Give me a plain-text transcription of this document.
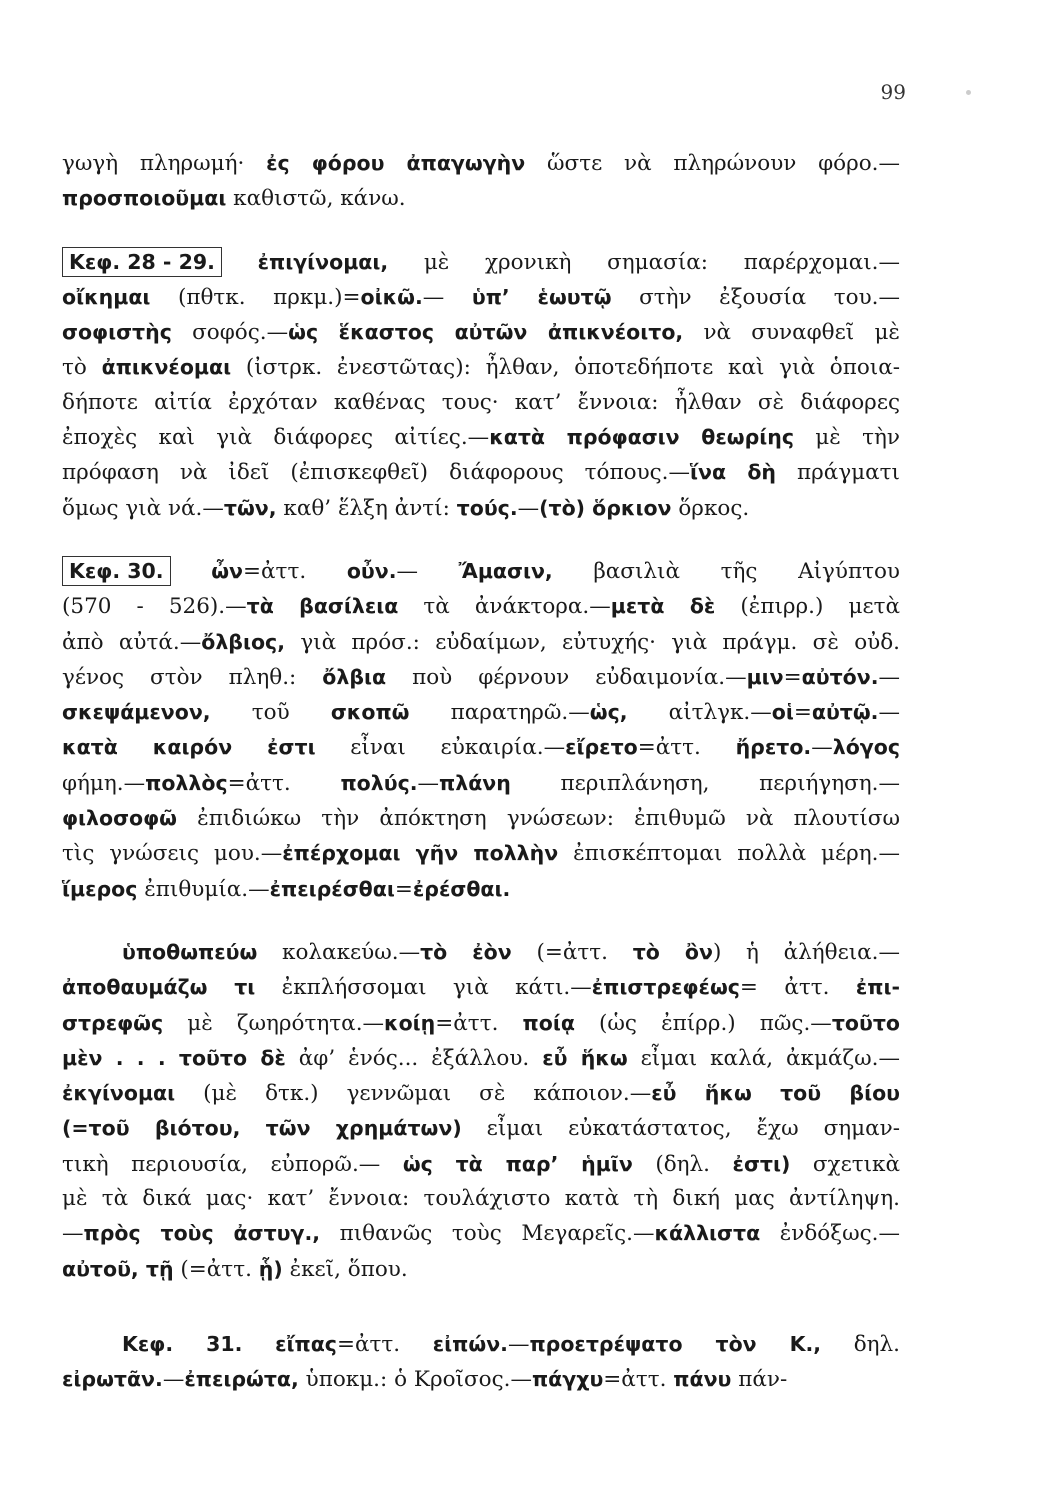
99
γωγὴ πληρωμή· ἐς φόρου ἀπαγωγὴν ὥστε νὰ πληρώνουν φόρο.—
προσποιοῦμαι καθιστῶ, κάνω.
Κεφ. 28 - 29. ἐπιγίνομαι, μὲ χρονικὴ σημασία: παρέρχομαι.—
οἴκημαι (πθτκ. πρκμ.)=οἰκῶ.— ὑπ’ ἑωυτῷ στὴν ἐξουσία του.—
σοφιστὴς σοφός.—ὡς ἕκαστος αὐτῶν ἀπικνέοιτο, νὰ συναφθεῖ μὲ
τὸ ἀπικνέομαι (ἰστρκ. ἐνεστῶτας): ἦλθαν, ὁποτεδήποτε καὶ γιὰ ὁποια-
δήποτε αἰτία ἐρχόταν καθένας τους· κατ’ ἔννοια: ἦλθαν σὲ διάφορες
ἐποχὲς καὶ γιὰ διάφορες αἰτίες.—κατὰ πρόφασιν θεωρίης μὲ τὴν
πρόφαση νὰ ἰδεῖ (ἐπισκεφθεῖ) διάφορους τόπους.—ἵνα δὴ πράγματι
ὅμως γιὰ νά.—τῶν, καθ’ ἕλξη ἀντί: τούς.—(τὸ) ὅρκιον ὅρκος.
Κεφ. 30. ὦν=ἀττ. οὖν.— Ἄμασιν, βασιλιὰ τῆς Αἰγύπτου
(570 - 526).—τὰ βασίλεια τὰ ἀνάκτορα.—μετὰ δὲ (ἐπιρρ.) μετὰ
ἀπὸ αὐτά.—ὄλβιος, γιὰ πρόσ.: εὐδαίμων, εὐτυχής· γιὰ πράγμ. σὲ οὐδ.
γένος στὸν πληθ.: ὄλβια ποὺ φέρνουν εὐδαιμονία.—μιν=αὐτόν.—
σκεψάμενον, τοῦ σκοπῶ παρατηρῶ.—ὡς, αἰτλγκ.—οἱ=αὐτῷ.—
κατὰ καιρόν ἐστι εἶναι εὐκαιρία.—εἴρετο=ἀττ. ἤρετο.—λόγος
φήμη.—πολλὸς=ἀττ. πολύς.—πλάνη περιπλάνηση, περιήγηση.—
φιλοσοφῶ ἐπιδιώκω τὴν ἀπόκτηση γνώσεων: ἐπιθυμῶ νὰ πλουτίσω
τὶς γνώσεις μου.—ἐπέρχομαι γῆν πολλὴν ἐπισκέπτομαι πολλὰ μέρη.—
ἵμερος ἐπιθυμία.—ἐπειρέσθαι=ἐρέσθαι.
ὑποθωπεύω κολακεύω.—τὸ ἐὸν (=ἀττ. τὸ ὂν) ἡ ἀλήθεια.—
ἀποθαυμάζω τι ἐκπλήσσομαι γιὰ κάτι.—ἐπιστρεφέως= ἀττ. ἐπι-
στρεφῶς μὲ ζωηρότητα.—κοίῃ=ἀττ. ποίᾳ (ὡς ἐπίρρ.) πῶς.—τοῦτο
μὲν . . . τοῦτο δὲ ἀφ’ ἑνός... ἐξάλλου. εὖ ἥκω εἶμαι καλά, ἀκμάζω.—
ἐκγίνομαι (μὲ δτκ.) γεννῶμαι σὲ κάποιον.—εὖ ἥκω τοῦ βίου
(=τοῦ βιότου, τῶν χρημάτων) εἶμαι εὐκατάστατος, ἔχω σημαν-
τικὴ περιουσία, εὐπορῶ.— ὡς τὰ παρ’ ἡμῖν (δηλ. ἐστι) σχετικὰ
μὲ τὰ δικά μας· κατ’ ἔννοια: τουλάχιστο κατὰ τὴ δική μας ἀντίληψη.
—πρὸς τοὺς ἀστυγ., πιθανῶς τοὺς Μεγαρεῖς.—κάλλιστα ἐνδόξως.—
αὐτοῦ, τῇ (=ἀττ. ᾗ) ἐκεῖ, ὅπου.
Κεφ. 31. εἴπας=ἀττ. εἰπών.—προετρέψατο τὸν Κ., δηλ.
εἰρωτᾶν.—ἐπειρώτα, ὑποκμ.: ὁ Κροῖσος.—πάγχυ=ἀττ. πάνυ πάν-
